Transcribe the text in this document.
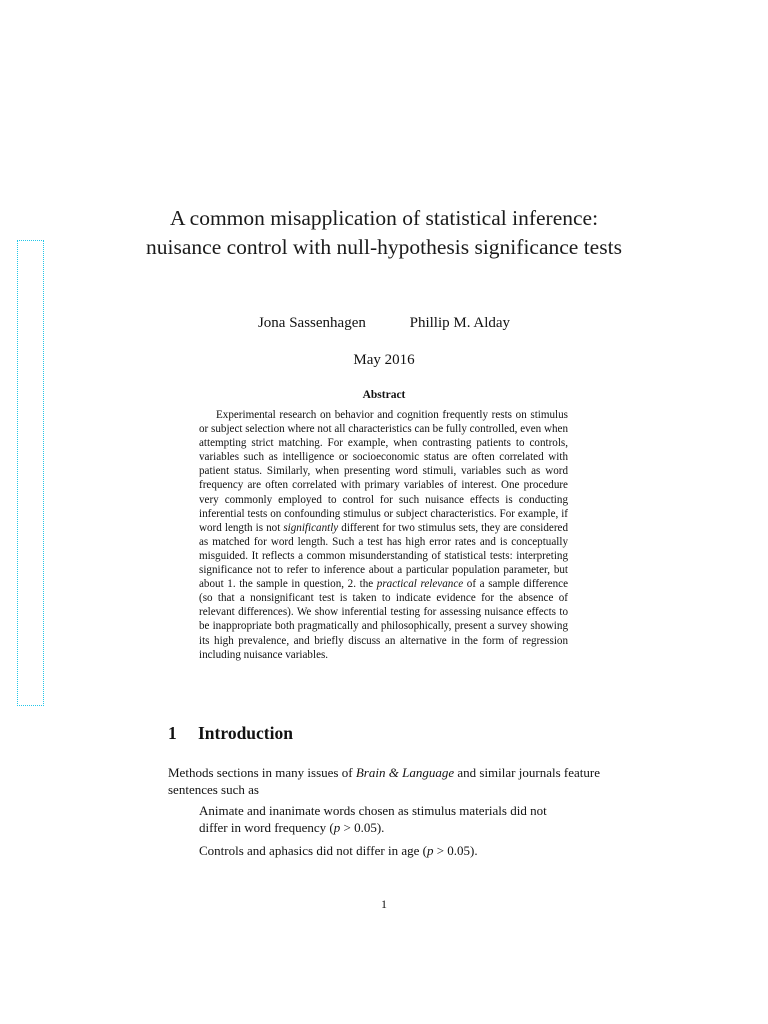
A common misapplication of statistical inference: nuisance control with null-hypothesis significance tests
Jona Sassenhagen	Phillip M. Alday
May 2016
Abstract
Experimental research on behavior and cognition frequently rests on stimulus or subject selection where not all characteristics can be fully controlled, even when attempting strict matching. For example, when contrasting patients to controls, variables such as intelligence or socioeconomic status are often correlated with patient status. Similarly, when presenting word stimuli, variables such as word frequency are often correlated with primary variables of interest. One procedure very commonly employed to control for such nuisance effects is conducting inferential tests on confounding stimulus or subject characteristics. For example, if word length is not significantly different for two stimulus sets, they are considered as matched for word length. Such a test has high error rates and is conceptually misguided. It reflects a common misunderstanding of statistical tests: interpreting significance not to refer to inference about a particular population parameter, but about 1. the sample in question, 2. the practical relevance of a sample difference (so that a nonsignificant test is taken to indicate evidence for the absence of relevant differences). We show inferential testing for assessing nuisance effects to be inappropriate both pragmatically and philosophically, present a survey showing its high prevalence, and briefly discuss an alternative in the form of regression including nuisance variables.
1 Introduction
Methods sections in many issues of Brain & Language and similar journals feature sentences such as
Animate and inanimate words chosen as stimulus materials did not differ in word frequency (p > 0.05).
Controls and aphasics did not differ in age (p > 0.05).
1
